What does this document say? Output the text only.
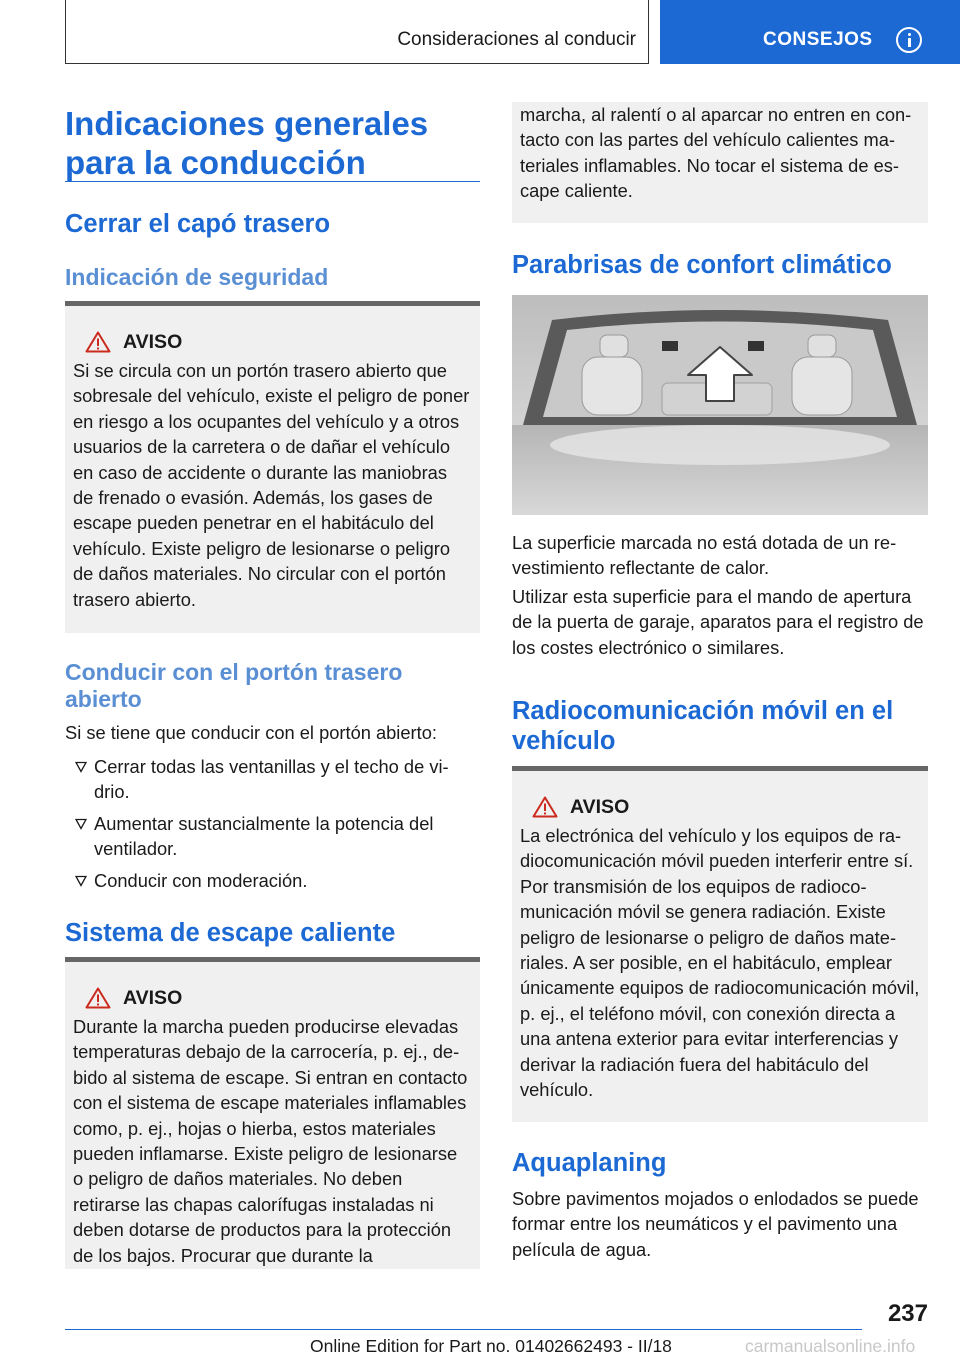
Consideraciones al conducir	CONSEJOS
Indicaciones generales para la conducción
Cerrar el capó trasero
Indicación de seguridad
AVISO
Si se circula con un portón trasero abierto que sobresale del vehículo, existe el peligro de poner en riesgo a los ocupantes del vehículo y a otros usuarios de la carretera o de dañar el vehículo en caso de accidente o durante las maniobras de frenado o evasión. Además, los gases de escape pueden penetrar en el habitáculo del vehículo. Existe peligro de lesionarse o peligro de daños materiales. No circular con el portón trasero abierto.
Conducir con el portón trasero abierto
Si se tiene que conducir con el portón abierto:
Cerrar todas las ventanillas y el techo de vidrio.
Aumentar sustancialmente la potencia del ventilador.
Conducir con moderación.
Sistema de escape caliente
AVISO
Durante la marcha pueden producirse elevadas temperaturas debajo de la carrocería, p. ej., debido al sistema de escape. Si entran en contacto con el sistema de escape materiales inflamables como, p. ej., hojas o hierba, estos materiales pueden inflamarse. Existe peligro de lesionarse o peligro de daños materiales. No deben retirarse las chapas calorífugas instaladas ni deben dotarse de productos para la protección de los bajos. Procurar que durante la
marcha, al ralentí o al aparcar no entren en contacto con las partes del vehículo calientes materiales inflamables. No tocar el sistema de escape caliente.
Parabrisas de confort climático
La superficie marcada no está dotada de un revestimiento reflectante de calor.
Utilizar esta superficie para el mando de apertura de la puerta de garaje, aparatos para el registro de los costes electrónico o similares.
Radiocomunicación móvil en el vehículo
AVISO
La electrónica del vehículo y los equipos de radiocomunicación móvil pueden interferir entre sí. Por transmisión de los equipos de radiocomunicación móvil se genera radiación. Existe peligro de lesionarse o peligro de daños materiales. A ser posible, en el habitáculo, emplear únicamente equipos de radiocomunicación móvil, p. ej., el teléfono móvil, con conexión directa a una antena exterior para evitar interferencias y derivar la radiación fuera del habitáculo del vehículo.
Aquaplaning
Sobre pavimentos mojados o enlodados se puede formar entre los neumáticos y el pavimento una película de agua.
237
Online Edition for Part no. 01402662493 - II/18	carmanualsonline.info
